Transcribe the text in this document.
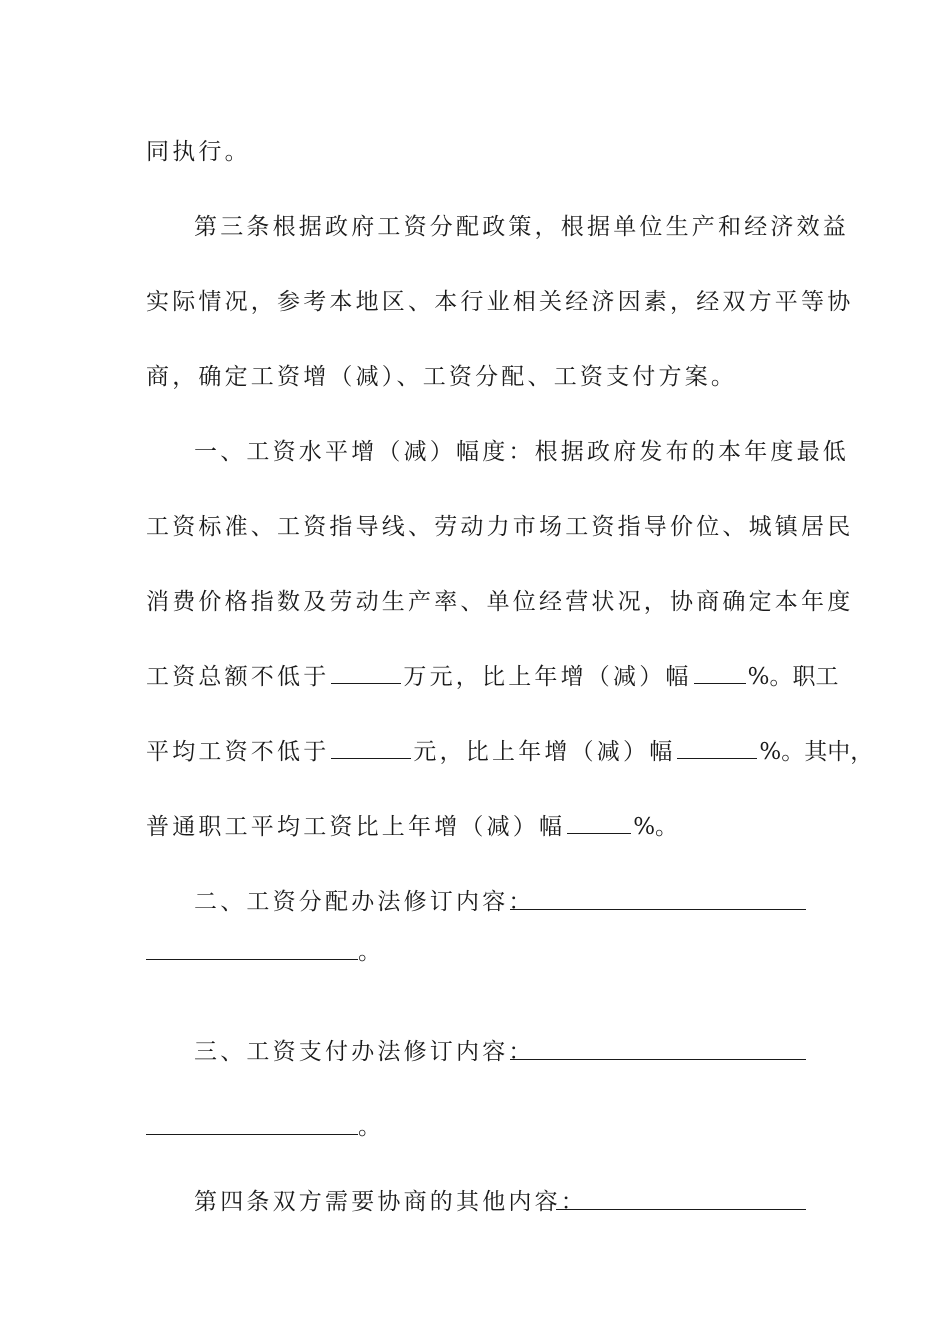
同执行。
第三条根据政府工资分配政策，根据单位生产和经济效益
实际情况，参考本地区、本行业相关经济因素，经双方平等协
商，确定工资增（减）、工资分配、工资支付方案。
一、工资水平增（减）幅度：根据政府发布的本年度最低
工资标准、工资指导线、劳动力市场工资指导价位、城镇居民
消费价格指数及劳动生产率、单位经营状况，协商确定本年度
工资总额不低于	万元，比上年增（减）幅 %。职工
平均工资不低于	元，比上年增（减）幅	%。其中，
普通职工平均工资比上年增（减）幅	%。
二、工资分配办法修订内容：
。
三、工资支付办法修订内容：
。
第四条双方需要协商的其他内容：
